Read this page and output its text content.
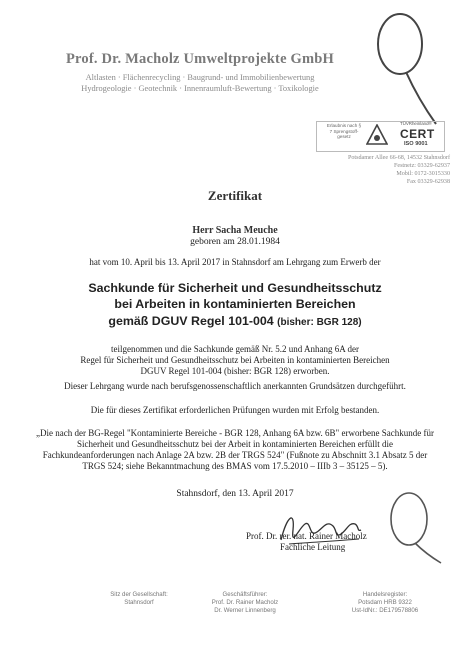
Prof. Dr. Macholz Umweltprojekte GmbH
Altlasten · Flächenrecycling · Baugrund- und Immobilienbewertung
Hydrogeologie · Geotechnik · Innenraumluft-Bewertung · Toxikologie
Erlaubnis nach § 7 Sprengstoff-gesetz
TÜVRheinland®
CERT
ISO 9001
Potsdamer Allee 66-68, 14532 Stahnsdorf
Festnetz: 03329-62937
Mobil: 0172-3015330
Fax 03329-62938
Zertifikat
Herr Sacha Meuche
geboren am 28.01.1984
hat vom 10. April bis 13. April 2017 in Stahnsdorf am Lehrgang zum Erwerb der
Sachkunde für Sicherheit und Gesundheitsschutz
bei Arbeiten in kontaminierten Bereichen
gemäß DGUV Regel 101-004 (bisher: BGR 128)
teilgenommen und die Sachkunde gemäß Nr. 5.2 und Anhang 6A der
Regel für Sicherheit und Gesundheitsschutz bei Arbeiten in kontaminierten Bereichen
DGUV Regel 101-004 (bisher: BGR 128) erworben.
Dieser Lehrgang wurde nach berufsgenossenschaftlich anerkannten Grundsätzen durchgeführt.
Die für dieses Zertifikat erforderlichen Prüfungen wurden mit Erfolg bestanden.
„Die nach der BG-Regel "Kontaminierte Bereiche - BGR 128, Anhang 6A bzw. 6B" erworbene Sachkunde für
Sicherheit und Gesundheitsschutz bei der Arbeit in kontaminierten Bereichen erfüllt die
Fachkundeanforderungen nach Anlage 2A bzw. 2B der TRGS 524" (Fußnote zu Abschnitt 3.1 Absatz 5 der
TRGS 524; siehe Bekanntmachung des BMAS vom 17.5.2010 – IIIb 3 – 35125 – 5).
Stahnsdorf, den 13. April 2017
Prof. Dr. rer. nat. Rainer Macholz
Fachliche Leitung
Sitz der Gesellschaft:
Stahnsdorf
Geschäftsführer:
Prof. Dr. Rainer Macholz
Dr. Werner Linnenberg
Handelsregister:
Potsdam HRB 9322
Ust-IdNr.: DE179578806
